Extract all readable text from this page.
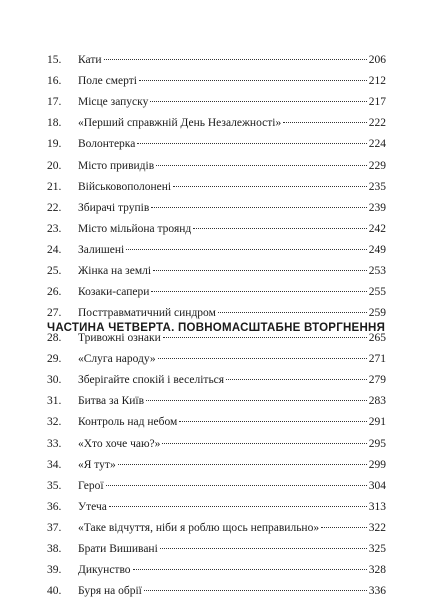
15.	Кати	206
16.	Поле смерті	212
17.	Місце запуску	217
18.	«Перший справжній День Незалежності»	222
19.	Волонтерка	224
20.	Місто привидів	229
21.	Військовополонені	235
22.	Збирачі трупів	239
23.	Місто мільйона троянд	242
24.	Залишені	249
25.	Жінка на землі	253
26.	Козаки-сапери	255
27.	Посттравматичний синдром	259
ЧАСТИНА ЧЕТВЕРТА. ПОВНОМАСШТАБНЕ ВТОРГНЕННЯ
28.	Тривожні ознаки	265
29.	«Слуга народу»	271
30.	Зберігайте спокій і веселіться	279
31.	Битва за Київ	283
32.	Контроль над небом	291
33.	«Хто хоче чаю?»	295
34.	«Я тут»	299
35.	Герої	304
36.	Утеча	313
37.	«Таке відчуття, ніби я роблю щось неправильно»	322
38.	Брати Вишивані	325
39.	Дикунство	328
40.	Буря на обрії	336
